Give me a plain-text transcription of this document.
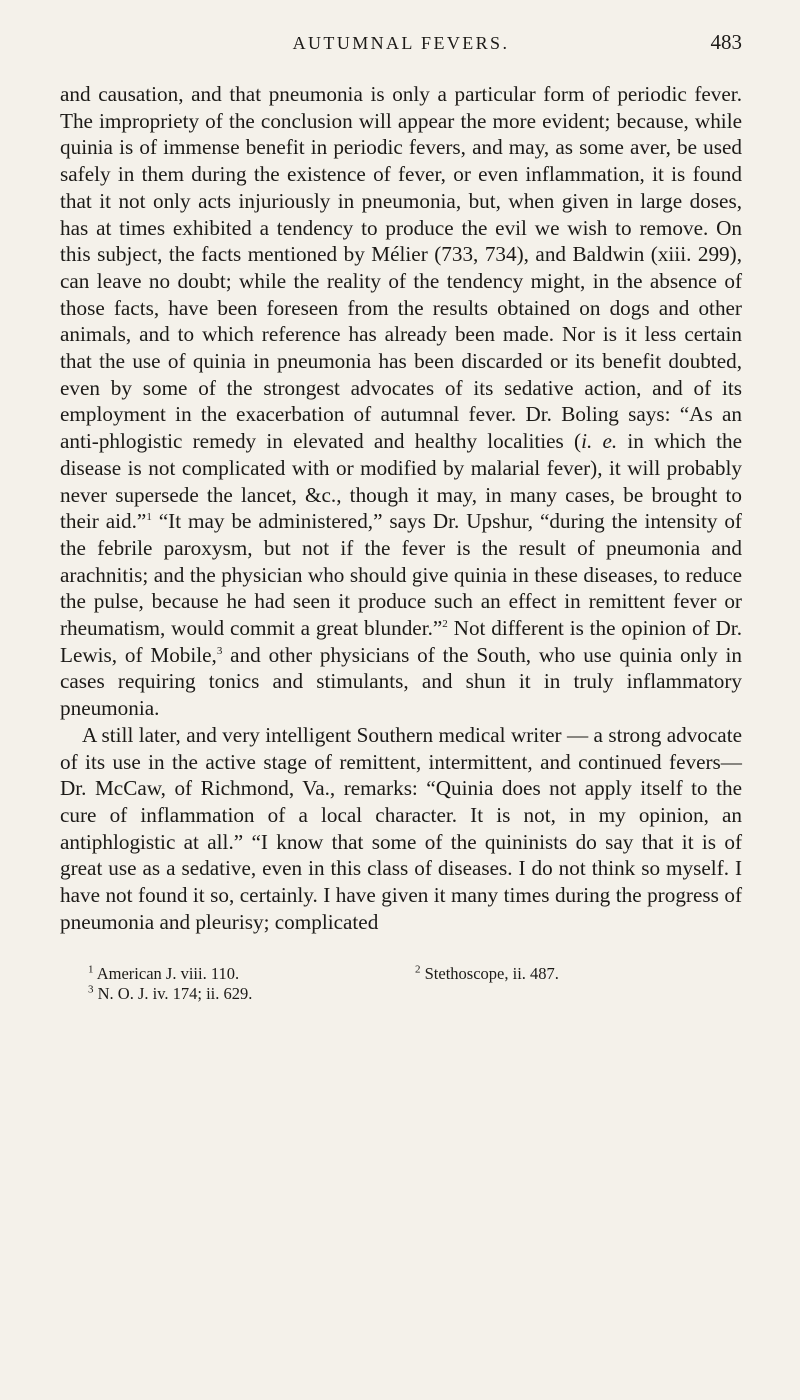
AUTUMNAL FEVERS.	483

and causation, and that pneumonia is only a particular form of periodic fever. The impropriety of the conclusion will appear the more evident; because, while quinia is of immense benefit in periodic fevers, and may, as some aver, be used safely in them during the existence of fever, or even inflammation, it is found that it not only acts injuriously in pneumonia, but, when given in large doses, has at times exhibited a tendency to produce the evil we wish to remove. On this subject, the facts mentioned by Mélier (733, 734), and Baldwin (xiii. 299), can leave no doubt; while the reality of the tendency might, in the absence of those facts, have been foreseen from the results obtained on dogs and other animals, and to which reference has already been made. Nor is it less certain that the use of quinia in pneumonia has been discarded or its benefit doubted, even by some of the strongest advocates of its sedative action, and of its employment in the exacerbation of autumnal fever. Dr. Boling says: “As an anti-phlogistic remedy in elevated and healthy localities (i. e. in which the disease is not complicated with or modified by malarial fever), it will probably never supersede the lancet, &c., though it may, in many cases, be brought to their aid.”$^1$ “It may be administered,” says Dr. Upshur, “during the intensity of the febrile paroxysm, but not if the fever is the result of pneumonia and arachnitis; and the physician who should give quinia in these diseases, to reduce the pulse, because he had seen it produce such an effect in remittent fever or rheumatism, would commit a great blunder.”$^2$ Not different is the opinion of Dr. Lewis, of Mobile,$^3$ and other physicians of the South, who use quinia only in cases requiring tonics and stimulants, and shun it in truly inflammatory pneumonia.

A still later, and very intelligent Southern medical writer — a strong advocate of its use in the active stage of remittent, intermittent, and continued fevers—Dr. McCaw, of Richmond, Va., remarks: “Quinia does not apply itself to the cure of inflammation of a local character. It is not, in my opinion, an antiphlogistic at all.” “I know that some of the quininists do say that it is of great use as a sedative, even in this class of diseases. I do not think so myself. I have not found it so, certainly. I have given it many times during the progress of pneumonia and pleurisy; complicated

$^1$ American J. viii. 110.	$^2$ Stethoscope, ii. 487.
$^3$ N. O. J. iv. 174; ii. 629.
